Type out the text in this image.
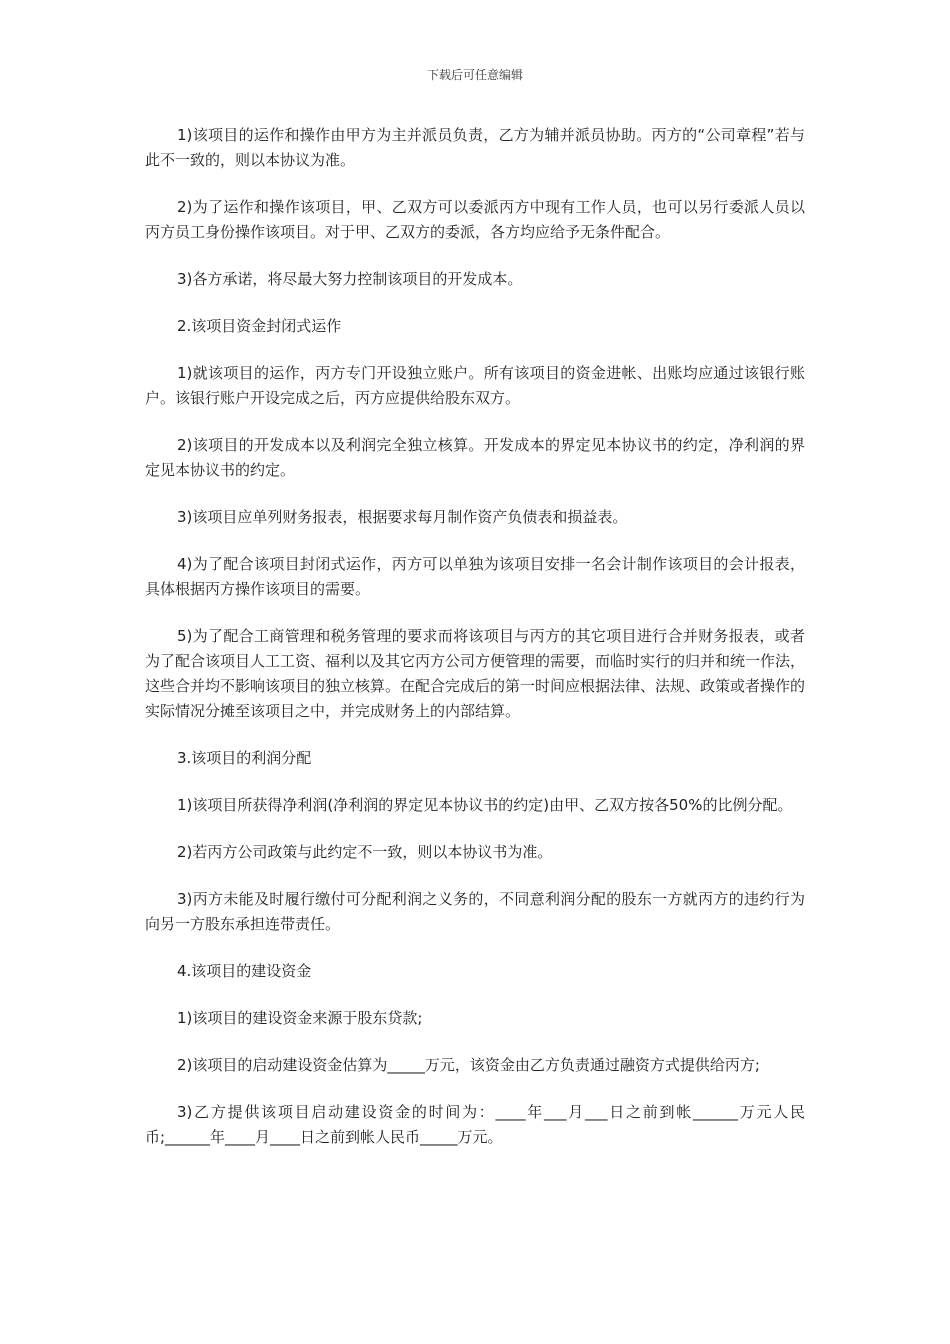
下载后可任意编辑

1)该项目的运作和操作由甲方为主并派员负责，乙方为辅并派员协助。丙方的“公司章程”若与此不一致的，则以本协议为准。

2)为了运作和操作该项目，甲、乙双方可以委派丙方中现有工作人员，也可以另行委派人员以丙方员工身份操作该项目。对于甲、乙双方的委派，各方均应给予无条件配合。

3)各方承诺，将尽最大努力控制该项目的开发成本。

2.该项目资金封闭式运作

1)就该项目的运作，丙方专门开设独立账户。所有该项目的资金进帐、出账均应通过该银行账户。该银行账户开设完成之后，丙方应提供给股东双方。

2)该项目的开发成本以及利润完全独立核算。开发成本的界定见本协议书的约定，净利润的界定见本协议书的约定。

3)该项目应单列财务报表，根据要求每月制作资产负债表和损益表。

4)为了配合该项目封闭式运作，丙方可以单独为该项目安排一名会计制作该项目的会计报表，具体根据丙方操作该项目的需要。

5)为了配合工商管理和税务管理的要求而将该项目与丙方的其它项目进行合并财务报表，或者为了配合该项目人工工资、福利以及其它丙方公司方便管理的需要，而临时实行的归并和统一作法，这些合并均不影响该项目的独立核算。在配合完成后的第一时间应根据法律、法规、政策或者操作的实际情况分摊至该项目之中，并完成财务上的内部结算。

3.该项目的利润分配

1)该项目所获得净利润(净利润的界定见本协议书的约定)由甲、乙双方按各50%的比例分配。

2)若丙方公司政策与此约定不一致，则以本协议书为准。

3)丙方未能及时履行缴付可分配利润之义务的，不同意利润分配的股东一方就丙方的违约行为向另一方股东承担连带责任。

4.该项目的建设资金

1)该项目的建设资金来源于股东贷款;

2)该项目的启动建设资金估算为_____万元，该资金由乙方负责通过融资方式提供给丙方;

3)乙方提供该项目启动建设资金的时间为：____年___月___日之前到帐______万元人民币;______年____月____日之前到帐人民币_____万元。
